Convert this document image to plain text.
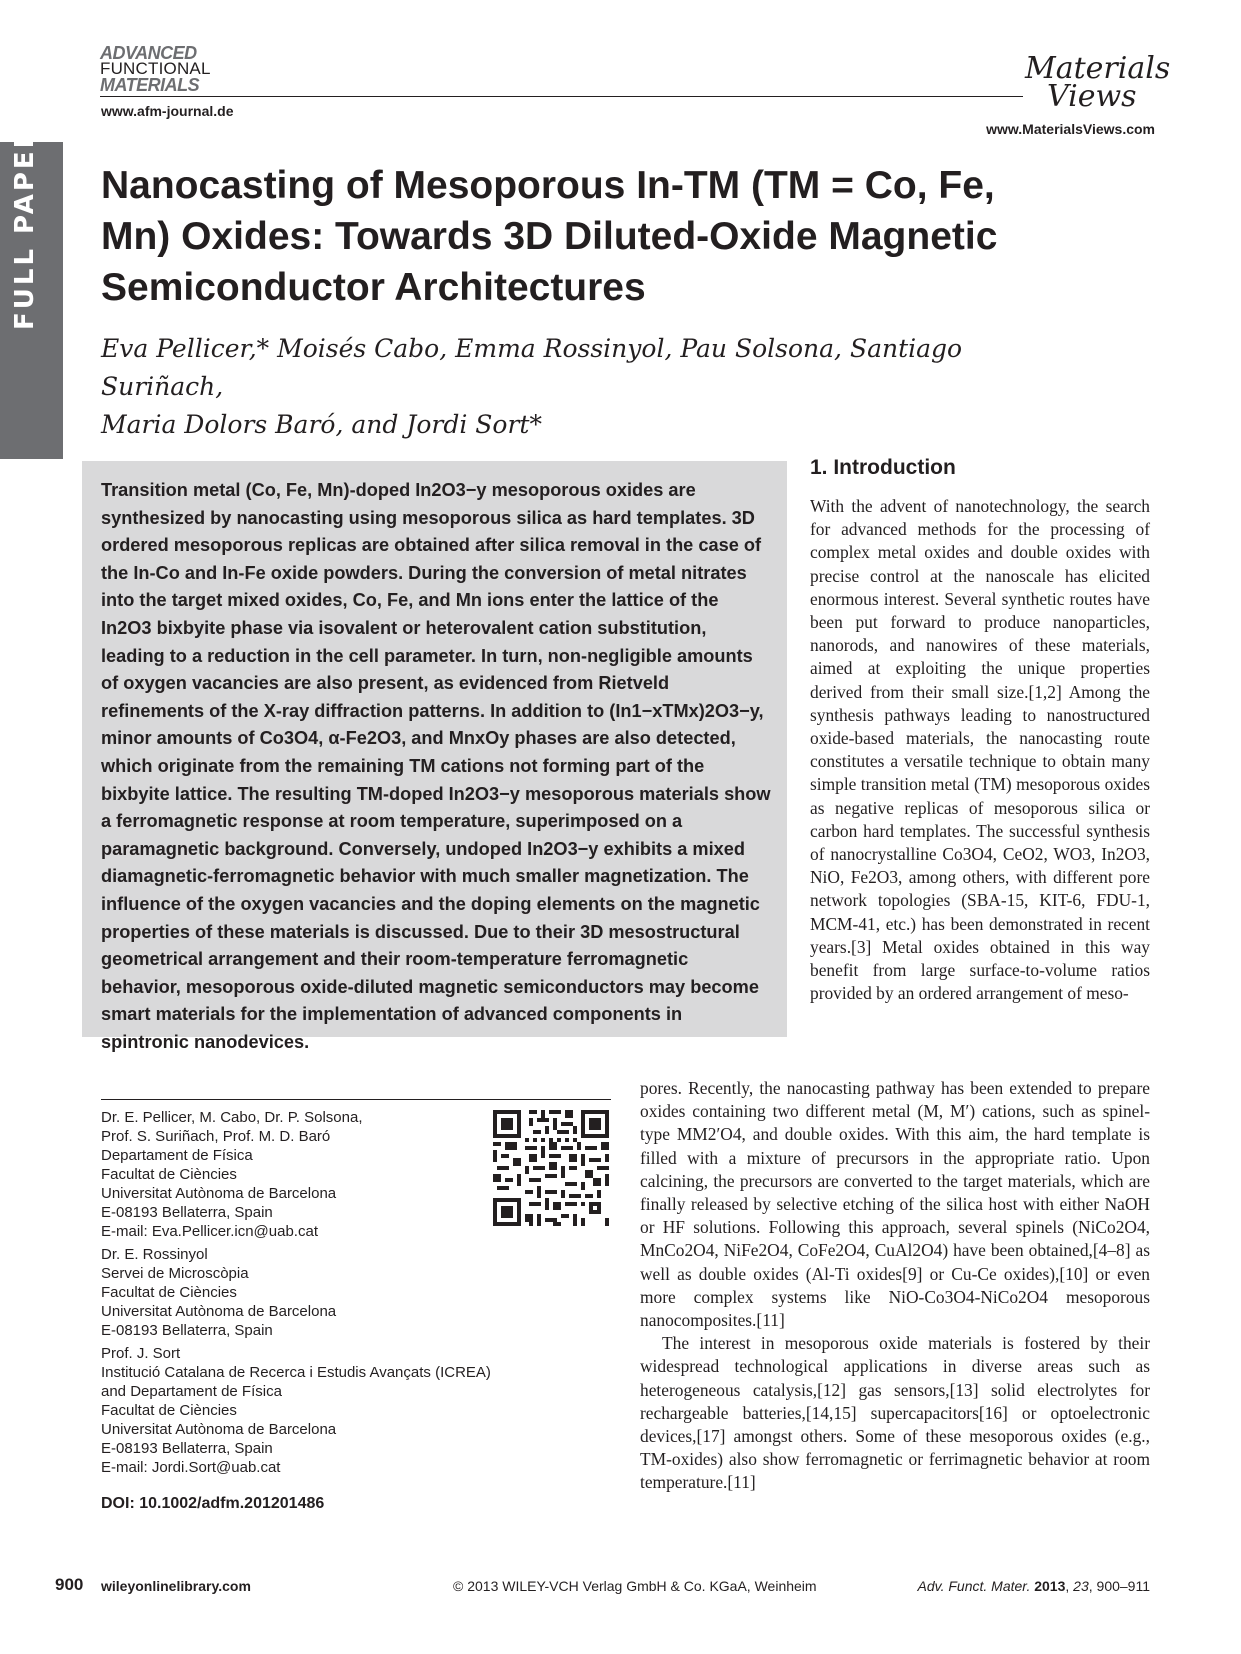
FULL PAPER
ADVANCED
FUNCTIONAL
MATERIALS
www.afm-journal.de
Materials
Views
www.MaterialsViews.com
Nanocasting of Mesoporous In-TM (TM = Co, Fe, Mn) Oxides: Towards 3D Diluted-Oxide Magnetic Semiconductor Architectures
Eva Pellicer,* Moisés Cabo, Emma Rossinyol, Pau Solsona, Santiago Suriñach,
Maria Dolors Baró, and Jordi Sort*
Transition metal (Co, Fe, Mn)-doped In2O3−y mesoporous oxides are synthesized by nanocasting using mesoporous silica as hard templates. 3D ordered mesoporous replicas are obtained after silica removal in the case of the In-Co and In-Fe oxide powders. During the conversion of metal nitrates into the target mixed oxides, Co, Fe, and Mn ions enter the lattice of the In2O3 bixbyite phase via isovalent or heterovalent cation substitution, leading to a reduction in the cell parameter. In turn, non-negligible amounts of oxygen vacancies are also present, as evidenced from Rietveld refinements of the X-ray diffraction patterns. In addition to (In1−xTMx)2O3−y, minor amounts of Co3O4, α-Fe2O3, and MnxOy phases are also detected, which originate from the remaining TM cations not forming part of the bixbyite lattice. The resulting TM-doped In2O3−y mesoporous materials show a ferromagnetic response at room temperature, superimposed on a paramagnetic background. Conversely, undoped In2O3−y exhibits a mixed diamagnetic-ferromagnetic behavior with much smaller magnetization. The influence of the oxygen vacancies and the doping elements on the magnetic properties of these materials is discussed. Due to their 3D mesostructural geometrical arrangement and their room-temperature ferromagnetic behavior, mesoporous oxide-diluted magnetic semiconductors may become smart materials for the implementation of advanced components in spintronic nanodevices.
Dr. E. Pellicer, M. Cabo, Dr. P. Solsona,
Prof. S. Suriñach, Prof. M. D. Baró
Departament de Física
Facultat de Ciències
Universitat Autònoma de Barcelona
E-08193 Bellaterra, Spain
E-mail: Eva.Pellicer.icn@uab.cat
Dr. E. Rossinyol
Servei de Microscòpia
Facultat de Ciències
Universitat Autònoma de Barcelona
E-08193 Bellaterra, Spain
Prof. J. Sort
Institució Catalana de Recerca i Estudis Avançats (ICREA)
and Departament de Física
Facultat de Ciències
Universitat Autònoma de Barcelona
E-08193 Bellaterra, Spain
E-mail: Jordi.Sort@uab.cat
DOI: 10.1002/adfm.201201486
1. Introduction

With the advent of nanotechnology, the search for advanced methods for the processing of complex metal oxides and double oxides with precise control at the nanoscale has elicited enormous interest. Several synthetic routes have been put forward to produce nanoparticles, nanorods, and nanowires of these materials, aimed at exploiting the unique properties derived from their small size.[1,2] Among the synthesis pathways leading to nanostructured oxide-based materials, the nanocasting route constitutes a versatile technique to obtain many simple transition metal (TM) mesoporous oxides as negative replicas of mesoporous silica or carbon hard templates. The successful synthesis of nanocrystalline Co3O4, CeO2, WO3, In2O3, NiO, Fe2O3, among others, with different pore network topologies (SBA-15, KIT-6, FDU-1, MCM-41, etc.) has been demonstrated in recent years.[3] Metal oxides obtained in this way benefit from large surface-to-volume ratios provided by an ordered arrangement of meso-

pores. Recently, the nanocasting pathway has been extended to prepare oxides containing two different metal (M, M′) cations, such as spinel-type MM2′O4, and double oxides. With this aim, the hard template is filled with a mixture of precursors in the appropriate ratio. Upon calcining, the precursors are converted to the target materials, which are finally released by selective etching of the silica host with either NaOH or HF solutions. Following this approach, several spinels (NiCo2O4, MnCo2O4, NiFe2O4, CoFe2O4, CuAl2O4) have been obtained,[4–8] as well as double oxides (Al-Ti oxides[9] or Cu-Ce oxides),[10] or even more complex systems like NiO-Co3O4-NiCo2O4 mesoporous nanocomposites.[11]

The interest in mesoporous oxide materials is fostered by their widespread technological applications in diverse areas such as heterogeneous catalysis,[12] gas sensors,[13] solid electrolytes for rechargeable batteries,[14,15] supercapacitors[16] or optoelectronic devices,[17] amongst others. Some of these mesoporous oxides (e.g., TM-oxides) also show ferromagnetic or ferrimagnetic behavior at room temperature.[11]

900 wileyonlinelibrary.com	© 2013 WILEY-VCH Verlag GmbH & Co. KGaA, Weinheim	Adv. Funct. Mater. 2013, 23, 900–911
